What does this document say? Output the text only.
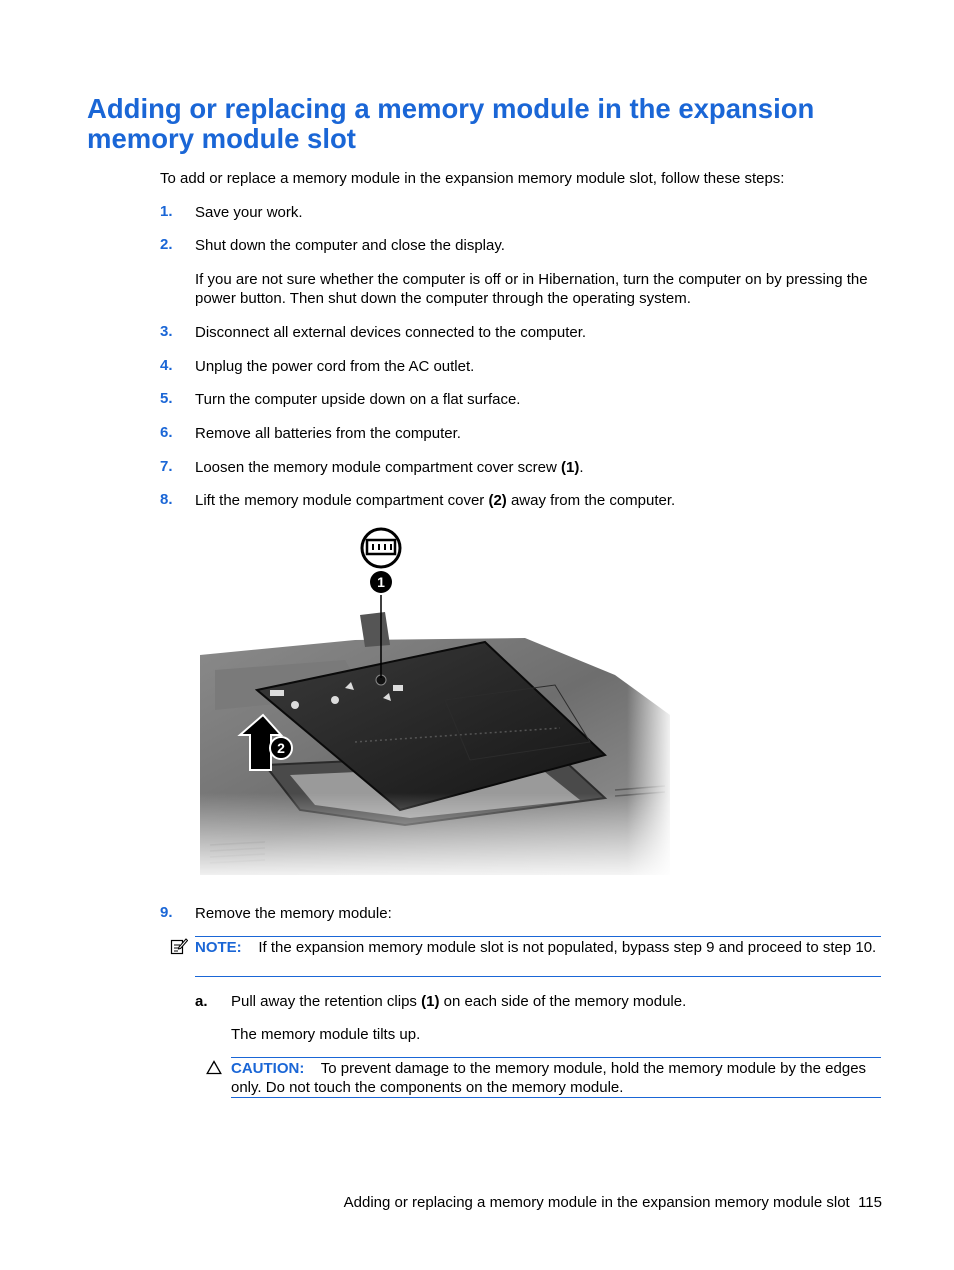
Adding or replacing a memory module in the expansion memory module slot
To add or replace a memory module in the expansion memory module slot, follow these steps:
1. Save your work.
2. Shut down the computer and close the display.
If you are not sure whether the computer is off or in Hibernation, turn the computer on by pressing the power button. Then shut down the computer through the operating system.
3. Disconnect all external devices connected to the computer.
4. Unplug the power cord from the AC outlet.
5. Turn the computer upside down on a flat surface.
6. Remove all batteries from the computer.
7. Loosen the memory module compartment cover screw (1).
8. Lift the memory module compartment cover (2) away from the computer.
9. Remove the memory module:
NOTE: If the expansion memory module slot is not populated, bypass step 9 and proceed to step 10.
a. Pull away the retention clips (1) on each side of the memory module.
The memory module tilts up.
CAUTION: To prevent damage to the memory module, hold the memory module by the edges only. Do not touch the components on the memory module.
Adding or replacing a memory module in the expansion memory module slot 115
